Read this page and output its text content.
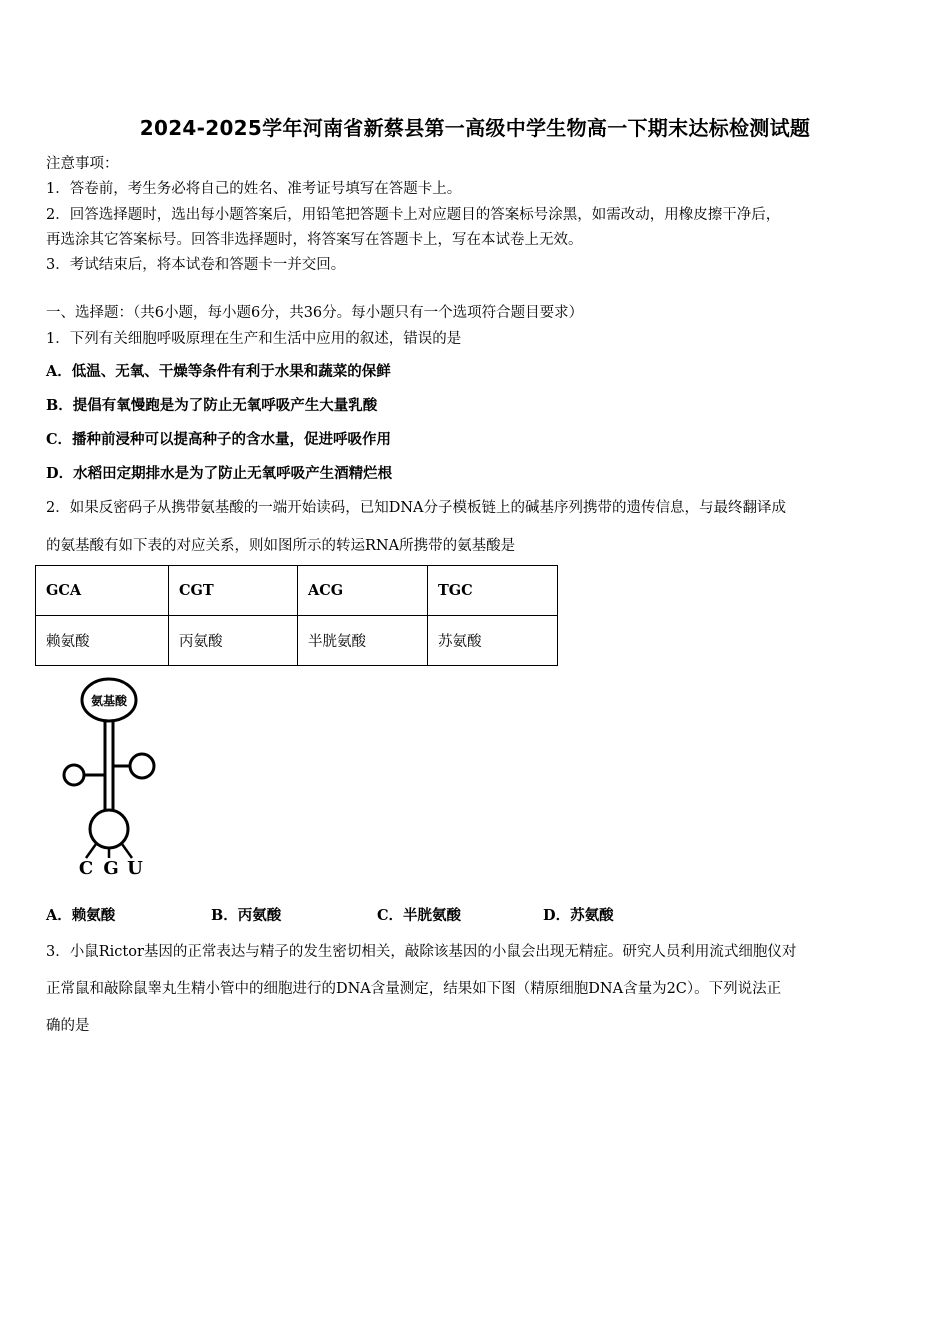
2024-2025学年河南省新蔡县第一高级中学生物高一下期末达标检测试题
注意事项：
1．答卷前，考生务必将自己的姓名、准考证号填写在答题卡上。
2．回答选择题时，选出每小题答案后，用铅笔把答题卡上对应题目的答案标号涂黑，如需改动，用橡皮擦干净后，
再选涂其它答案标号。回答非选择题时，将答案写在答题卡上，写在本试卷上无效。
3．考试结束后，将本试卷和答题卡一并交回。
一、选择题：（共6小题，每小题6分，共36分。每小题只有一个选项符合题目要求）
1．下列有关细胞呼吸原理在生产和生活中应用的叙述，错误的是
A．低温、无氧、干燥等条件有利于水果和蔬菜的保鲜
B．提倡有氧慢跑是为了防止无氧呼吸产生大量乳酸
C．播种前浸种可以提高种子的含水量，促进呼吸作用
D．水稻田定期排水是为了防止无氧呼吸产生酒精烂根
2．如果反密码子从携带氨基酸的一端开始读码，已知DNA分子模板链上的碱基序列携带的遗传信息，与最终翻译成
的氨基酸有如下表的对应关系，则如图所示的转运RNA所携带的氨基酸是
GCA	CGT	ACG	TGC
赖氨酸	丙氨酸	半胱氨酸	苏氨酸
氨基酸
C G U
A．赖氨酸	B．丙氨酸	C．半胱氨酸	D．苏氨酸
3．小鼠Rictor基因的正常表达与精子的发生密切相关，敲除该基因的小鼠会出现无精症。研究人员利用流式细胞仪对
正常鼠和敲除鼠睾丸生精小管中的细胞进行的DNA含量测定，结果如下图（精原细胞DNA含量为2C）。下列说法正
确的是
